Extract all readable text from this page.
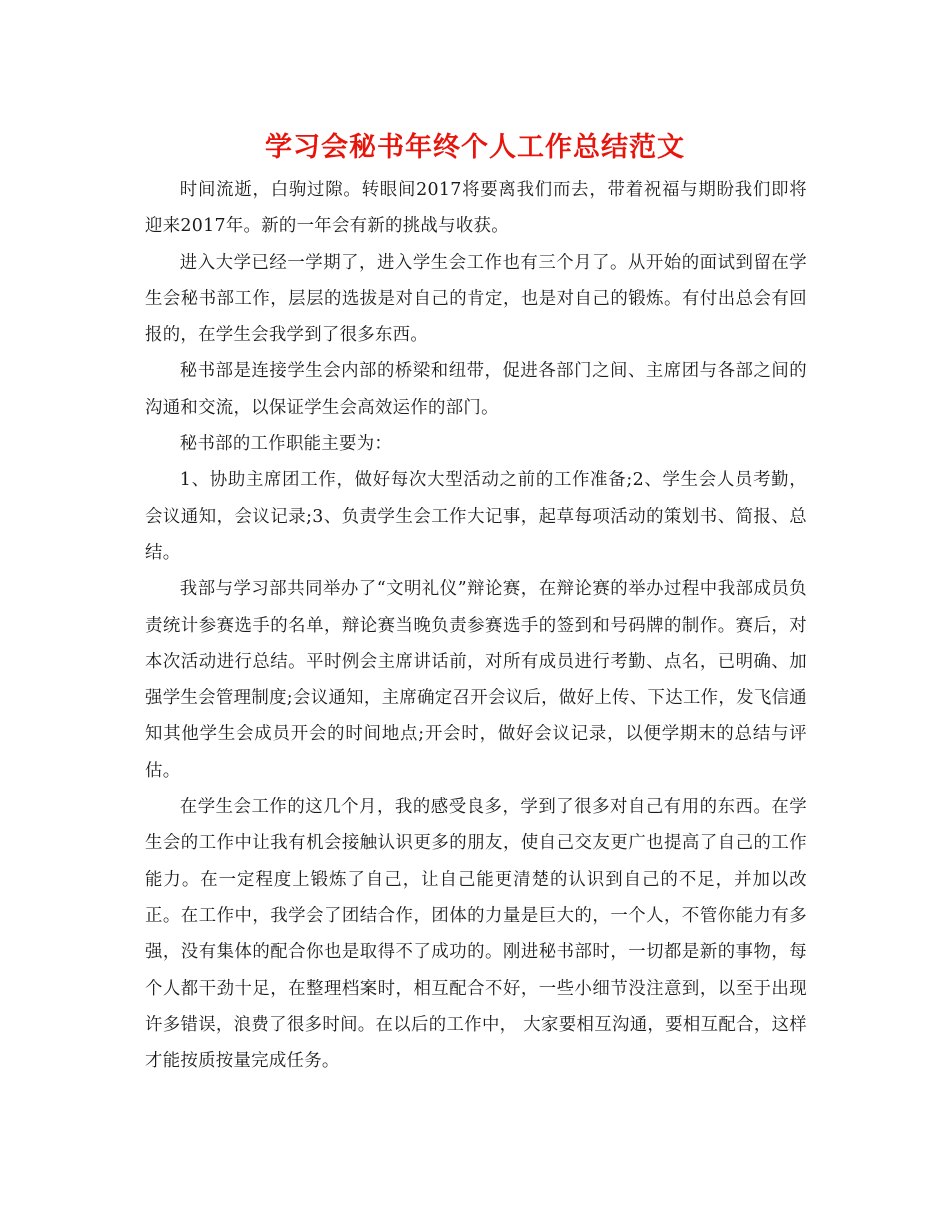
学习会秘书年终个人工作总结范文

时间流逝，白驹过隙。转眼间2017将要离我们而去，带着祝福与期盼我们即将迎来2017年。新的一年会有新的挑战与收获。

进入大学已经一学期了，进入学生会工作也有三个月了。从开始的面试到留在学生会秘书部工作，层层的选拔是对自己的肯定，也是对自己的锻炼。有付出总会有回报的，在学生会我学到了很多东西。

秘书部是连接学生会内部的桥梁和纽带，促进各部门之间、主席团与各部之间的沟通和交流，以保证学生会高效运作的部门。

秘书部的工作职能主要为：

1、协助主席团工作，做好每次大型活动之前的工作准备;2、学生会人员考勤，会议通知，会议记录;3、负责学生会工作大记事，起草每项活动的策划书、简报、总结。

我部与学习部共同举办了“文明礼仪”辩论赛，在辩论赛的举办过程中我部成员负责统计参赛选手的名单，辩论赛当晚负责参赛选手的签到和号码牌的制作。赛后，对本次活动进行总结。平时例会主席讲话前，对所有成员进行考勤、点名，已明确、加强学生会管理制度;会议通知，主席确定召开会议后，做好上传、下达工作，发飞信通知其他学生会成员开会的时间地点;开会时，做好会议记录，以便学期末的总结与评估。

在学生会工作的这几个月，我的感受良多，学到了很多对自己有用的东西。在学生会的工作中让我有机会接触认识更多的朋友，使自己交友更广也提高了自己的工作能力。在一定程度上锻炼了自己，让自己能更清楚的认识到自己的不足，并加以改正。在工作中，我学会了团结合作，团体的力量是巨大的，一个人，不管你能力有多强，没有集体的配合你也是取得不了成功的。刚进秘书部时，一切都是新的事物，每个人都干劲十足，在整理档案时，相互配合不好，一些小细节没注意到，以至于出现许多错误，浪费了很多时间。在以后的工作中， 大家要相互沟通，要相互配合，这样才能按质按量完成任务。
